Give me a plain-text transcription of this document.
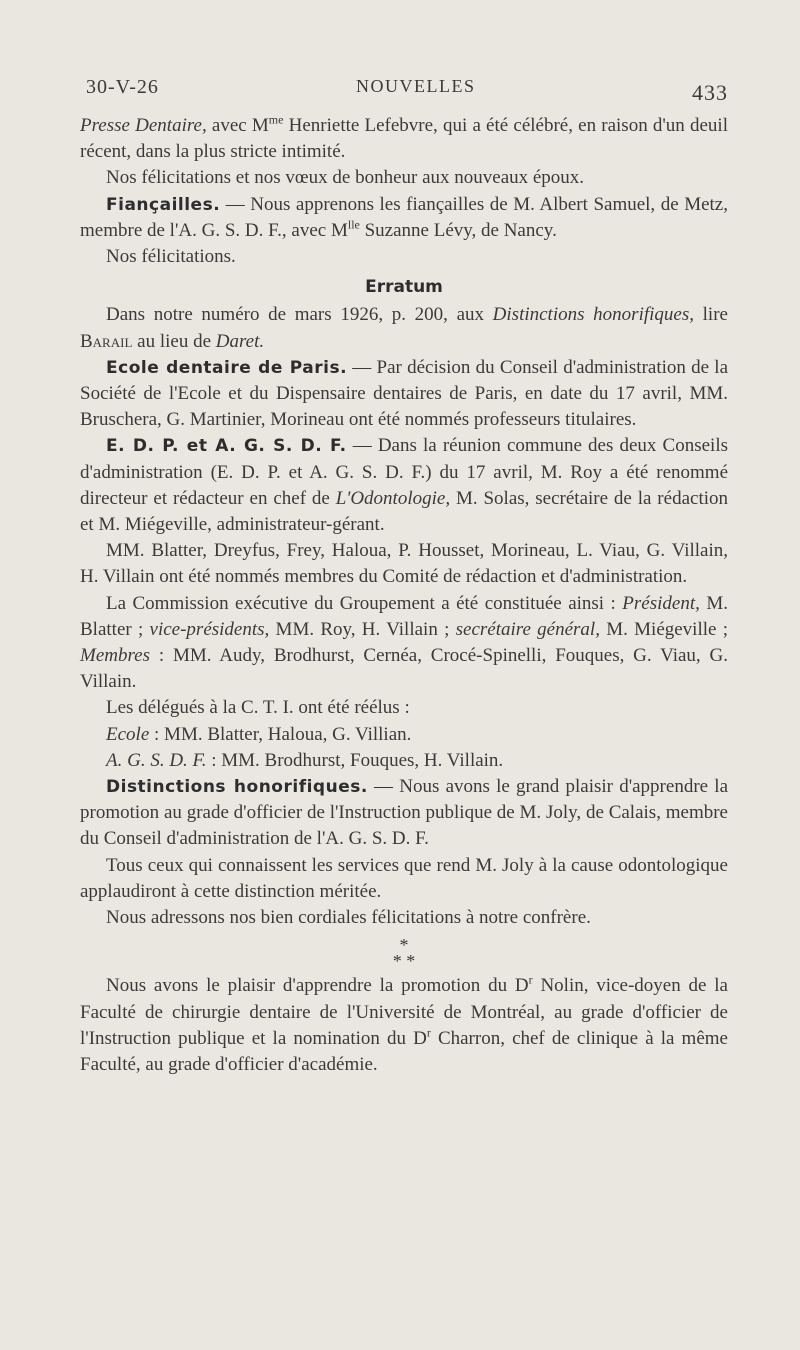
30-V-26	NOUVELLES	433

Presse Dentaire, avec $M^{me}$ Henriette Lefebvre, qui a été célébré, en raison d'un deuil récent, dans la plus stricte intimité.

Nos félicitations et nos vœux de bonheur aux nouveaux époux.

Fiançailles. — Nous apprenons les fiançailles de M. Albert Samuel, de Metz, membre de l'A. G. S. D. F., avec $M^{lle}$ Suzanne Lévy, de Nancy.

Nos félicitations.

Erratum

Dans notre numéro de mars 1926, p. 200, aux Distinctions honorifiques, lire Barail au lieu de Daret.

Ecole dentaire de Paris. — Par décision du Conseil d'administration de la Société de l'Ecole et du Dispensaire dentaires de Paris, en date du 17 avril, MM. Bruschera, G. Martinier, Morineau ont été nommés professeurs titulaires.

E. D. P. et A. G. S. D. F. — Dans la réunion commune des deux Conseils d'administration (E. D. P. et A. G. S. D. F.) du 17 avril, M. Roy a été renommé directeur et rédacteur en chef de L'Odontologie, M. Solas, secrétaire de la rédaction et M. Miégeville, administrateur-gérant.

MM. Blatter, Dreyfus, Frey, Haloua, P. Housset, Morineau, L. Viau, G. Villain, H. Villain ont été nommés membres du Comité de rédaction et d'administration.

La Commission exécutive du Groupement a été constituée ainsi : Président, M. Blatter ; vice-présidents, MM. Roy, H. Villain ; secrétaire général, M. Miégeville ; Membres : MM. Audy, Brodhurst, Cernéa, Crocé-Spinelli, Fouques, G. Viau, G. Villain.

Les délégués à la C. T. I. ont été réélus :

Ecole : MM. Blatter, Haloua, G. Villian.

A. G. S. D. F. : MM. Brodhurst, Fouques, H. Villain.

Distinctions honorifiques. — Nous avons le grand plaisir d'apprendre la promotion au grade d'officier de l'Instruction publique de M. Joly, de Calais, membre du Conseil d'administration de l'A. G. S. D. F.

Tous ceux qui connaissent les services que rend M. Joly à la cause odontologique applaudiront à cette distinction méritée.

Nous adressons nos bien cordiales félicitations à notre confrère.

*
* *

Nous avons le plaisir d'apprendre la promotion du $D^r$ Nolin, vice-doyen de la Faculté de chirurgie dentaire de l'Université de Montréal, au grade d'officier de l'Instruction publique et la nomination du $D^r$ Charron, chef de clinique à la même Faculté, au grade d'officier d'académie.
